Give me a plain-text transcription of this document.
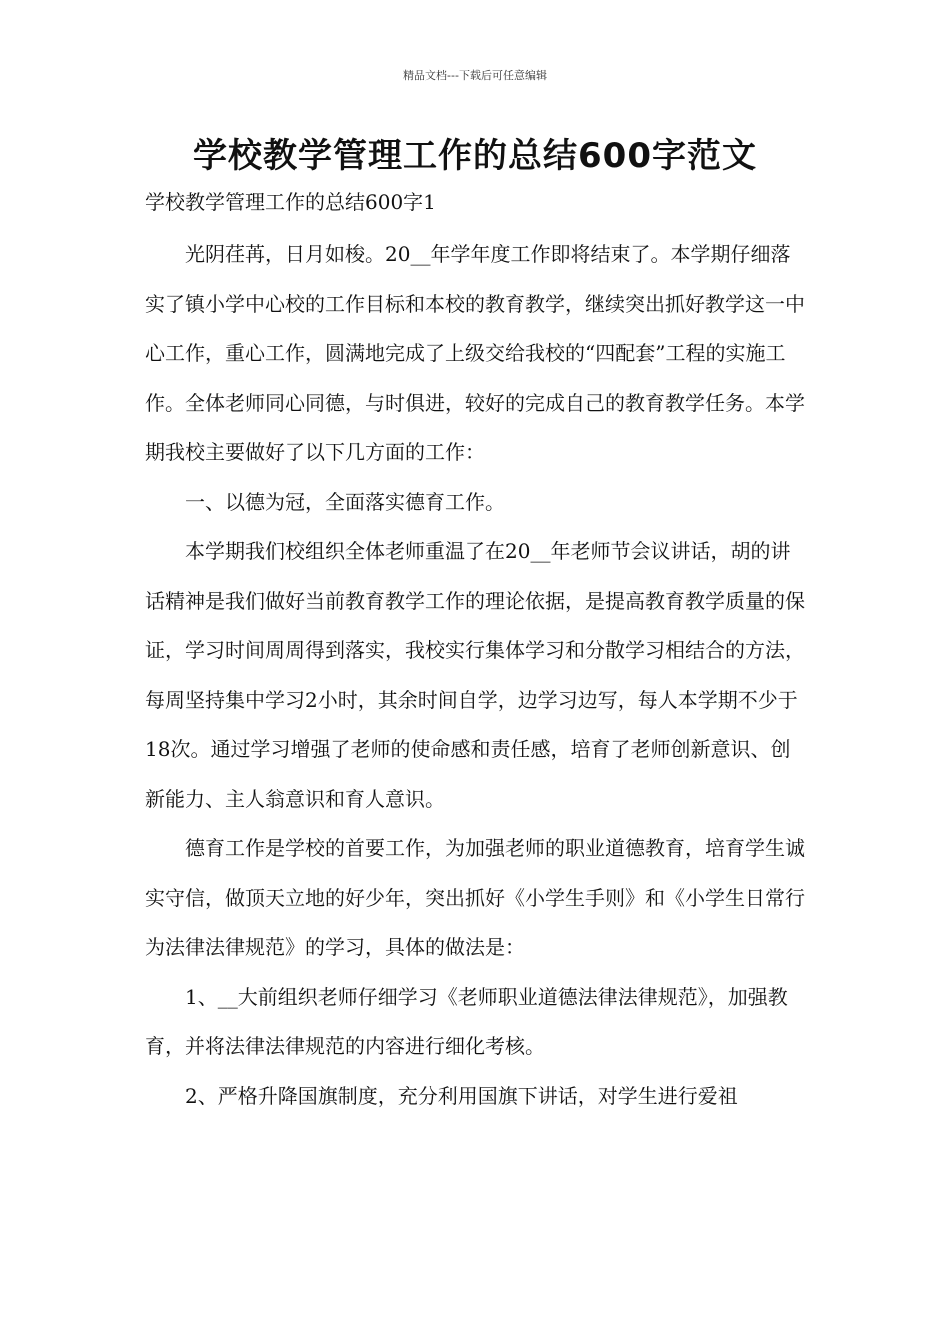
精品文档---下载后可任意编辑
学校教学管理工作的总结600字范文
学校教学管理工作的总结600字1

光阴荏苒，日月如梭。20__年学年度工作即将结束了。本学期仔细落实了镇小学中心校的工作目标和本校的教育教学，继续突出抓好教学这一中心工作，重心工作，圆满地完成了上级交给我校的“四配套”工程的实施工作。全体老师同心同德，与时俱进，较好的完成自己的教育教学任务。本学期我校主要做好了以下几方面的工作：

一、以德为冠，全面落实德育工作。

本学期我们校组织全体老师重温了在20__年老师节会议讲话，胡的讲话精神是我们做好当前教育教学工作的理论依据，是提高教育教学质量的保证，学习时间周周得到落实，我校实行集体学习和分散学习相结合的方法，每周坚持集中学习2小时，其余时间自学，边学习边写，每人本学期不少于18次。通过学习增强了老师的使命感和责任感，培育了老师创新意识、创新能力、主人翁意识和育人意识。

德育工作是学校的首要工作，为加强老师的职业道德教育，培育学生诚实守信，做顶天立地的好少年，突出抓好《小学生手则》和《小学生日常行为法律法律规范》的学习，具体的做法是：

1、__大前组织老师仔细学习《老师职业道德法律法律规范》，加强教育，并将法律法律规范的内容进行细化考核。

2、严格升降国旗制度，充分利用国旗下讲话，对学生进行爱祖
